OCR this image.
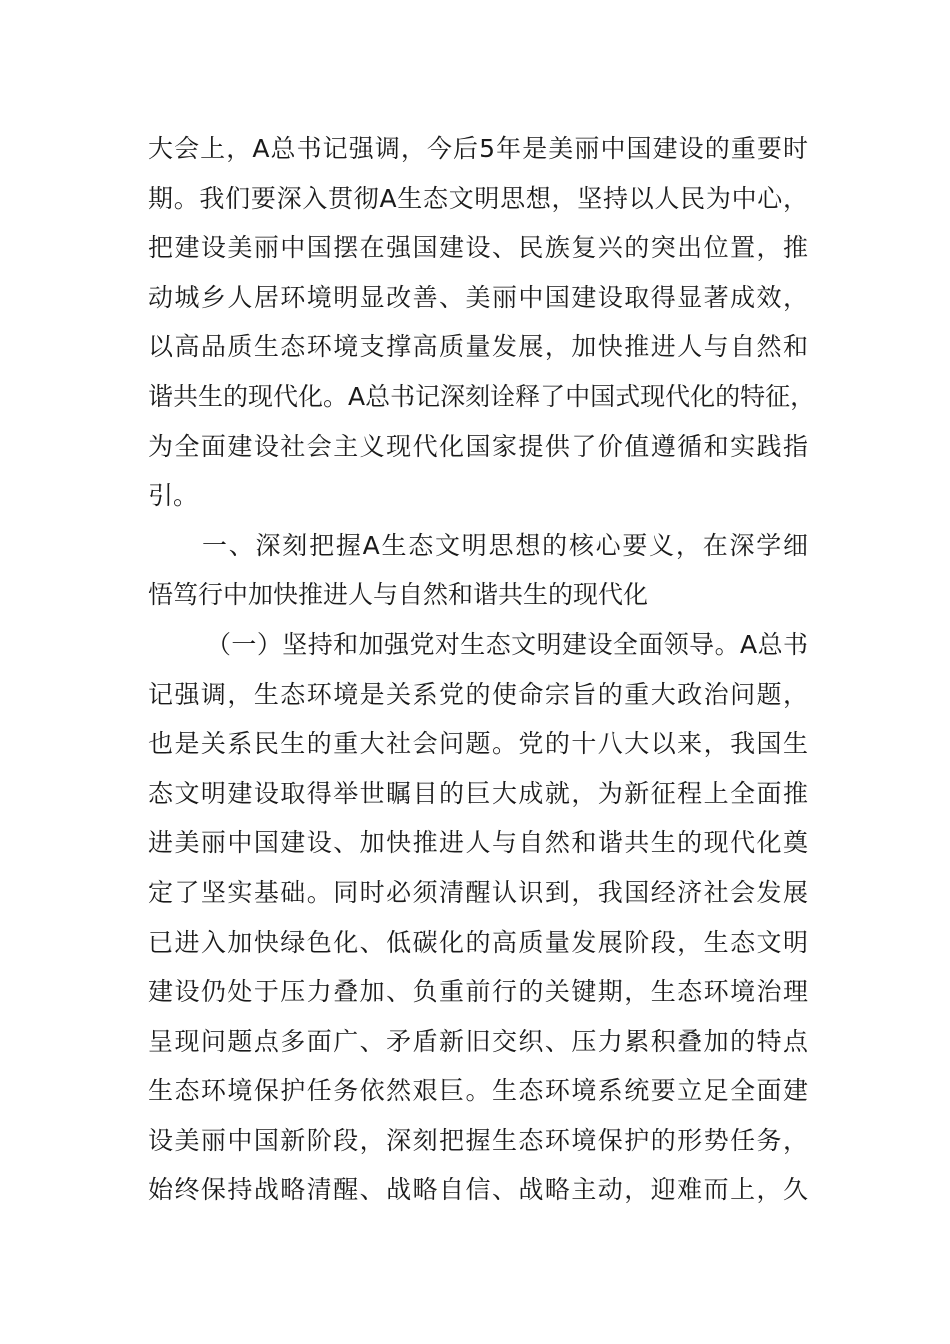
大会上，A总书记强调，今后5年是美丽中国建设的重要时
期。我们要深入贯彻A生态文明思想，坚持以人民为中心，
把建设美丽中国摆在强国建设、民族复兴的突出位置，推
动城乡人居环境明显改善、美丽中国建设取得显著成效，
以高品质生态环境支撑高质量发展，加快推进人与自然和
谐共生的现代化。A总书记深刻诠释了中国式现代化的特征，
为全面建设社会主义现代化国家提供了价值遵循和实践指
引。
一、深刻把握A生态文明思想的核心要义，在深学细
悟笃行中加快推进人与自然和谐共生的现代化
（一）坚持和加强党对生态文明建设全面领导。A总书
记强调，生态环境是关系党的使命宗旨的重大政治问题，
也是关系民生的重大社会问题。党的十八大以来，我国生
态文明建设取得举世瞩目的巨大成就，为新征程上全面推
进美丽中国建设、加快推进人与自然和谐共生的现代化奠
定了坚实基础。同时必须清醒认识到，我国经济社会发展
已进入加快绿色化、低碳化的高质量发展阶段，生态文明
建设仍处于压力叠加、负重前行的关键期，生态环境治理
呈现问题点多面广、矛盾新旧交织、压力累积叠加的特点
生态环境保护任务依然艰巨。生态环境系统要立足全面建
设美丽中国新阶段，深刻把握生态环境保护的形势任务，
始终保持战略清醒、战略自信、战略主动，迎难而上，久
